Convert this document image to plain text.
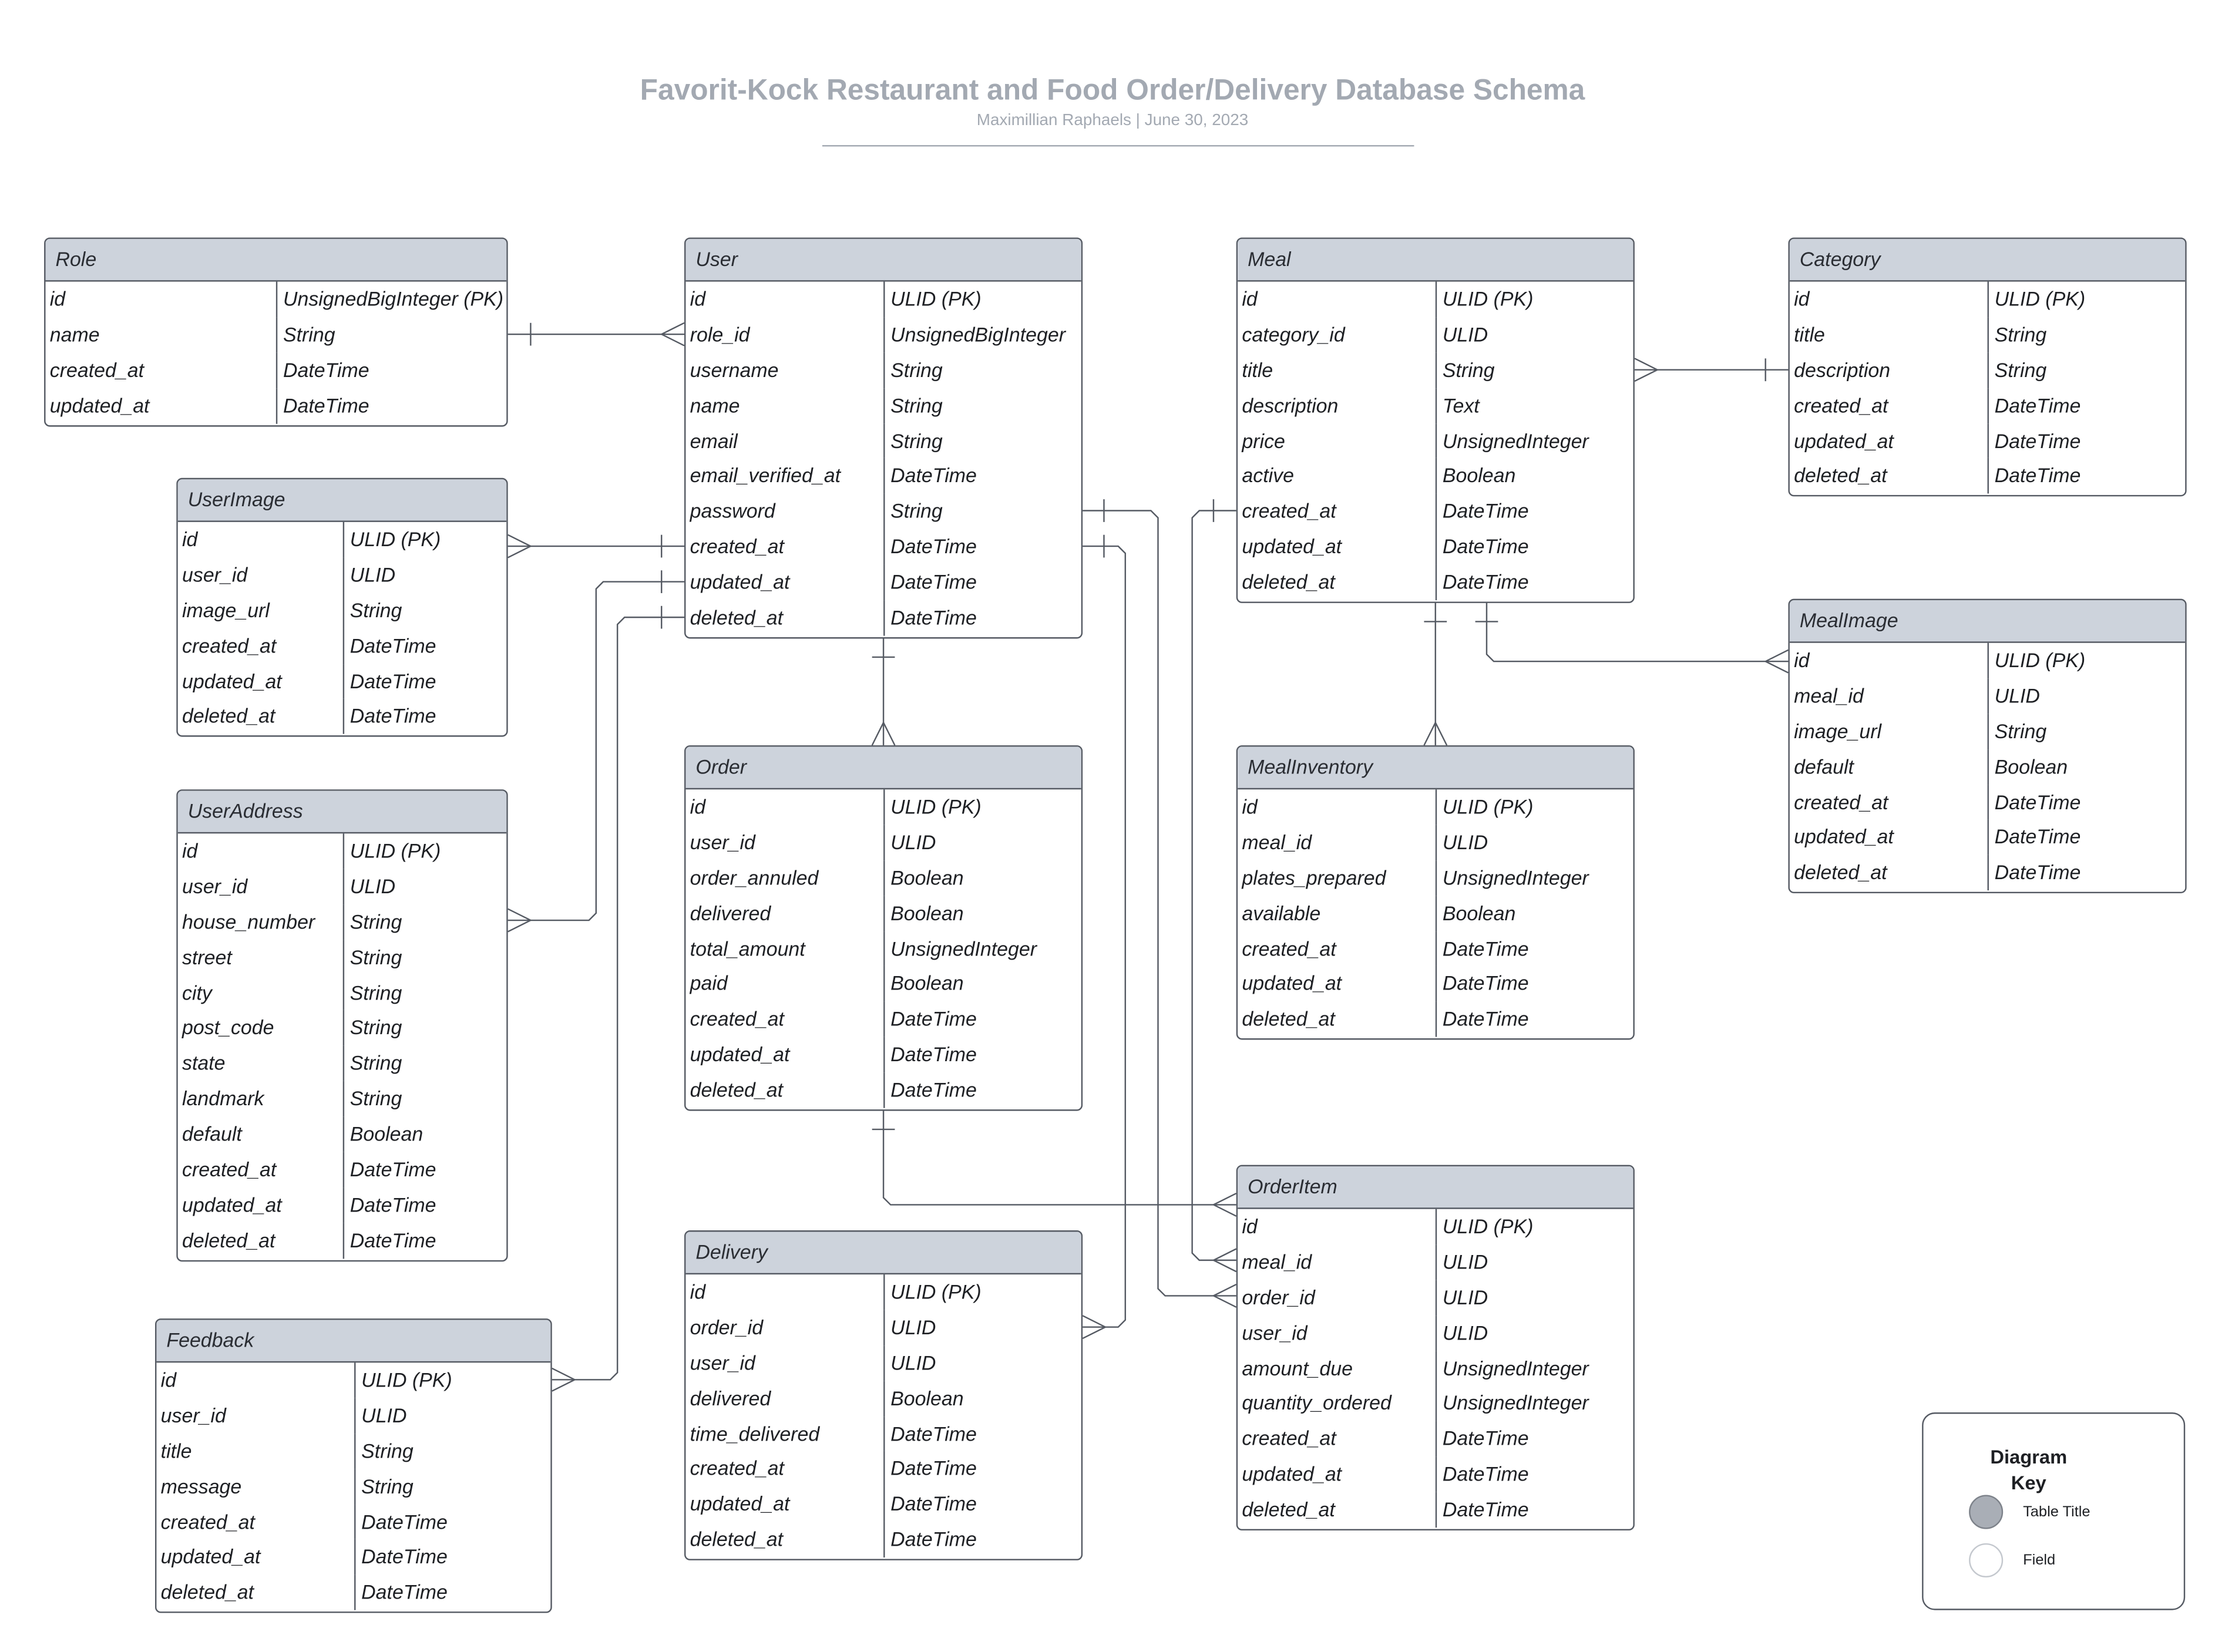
Favorit-Kock Restaurant and Food Order/Delivery Database Schema
Maximillian Raphaels | June 30, 2023
Role
id	UnsignedBigInteger (PK)
name	String
created_at	DateTime
updated_at	DateTime
User
id	ULID (PK)
role_id	UnsignedBigInteger
username	String
name	String
email	String
email_verified_at	DateTime
password	String
created_at	DateTime
updated_at	DateTime
deleted_at	DateTime
Meal
id	ULID (PK)
category_id	ULID
title	String
description	Text
price	UnsignedInteger
active	Boolean
created_at	DateTime
updated_at	DateTime
deleted_at	DateTime
Category
id	ULID (PK)
title	String
description	String
created_at	DateTime
updated_at	DateTime
deleted_at	DateTime
UserImage
id	ULID (PK)
user_id	ULID
image_url	String
created_at	DateTime
updated_at	DateTime
deleted_at	DateTime
MealImage
id	ULID (PK)
meal_id	ULID
image_url	String
default	Boolean
created_at	DateTime
updated_at	DateTime
deleted_at	DateTime
Order
id	ULID (PK)
user_id	ULID
order_annuled	Boolean
delivered	Boolean
total_amount	UnsignedInteger
paid	Boolean
created_at	DateTime
updated_at	DateTime
deleted_at	DateTime
MealInventory
id	ULID (PK)
meal_id	ULID
plates_prepared	UnsignedInteger
available	Boolean
created_at	DateTime
updated_at	DateTime
deleted_at	DateTime
UserAddress
id	ULID (PK)
user_id	ULID
house_number	String
street	String
city	String
post_code	String
state	String
landmark	String
default	Boolean
created_at	DateTime
updated_at	DateTime
deleted_at	DateTime
OrderItem
id	ULID (PK)
meal_id	ULID
order_id	ULID
user_id	ULID
amount_due	UnsignedInteger
quantity_ordered	UnsignedInteger
created_at	DateTime
updated_at	DateTime
deleted_at	DateTime
Delivery
id	ULID (PK)
order_id	ULID
user_id	ULID
delivered	Boolean
time_delivered	DateTime
created_at	DateTime
updated_at	DateTime
deleted_at	DateTime
Feedback
id	ULID (PK)
user_id	ULID
title	String
message	String
created_at	DateTime
updated_at	DateTime
deleted_at	DateTime
Diagram Key
Table Title
Field
